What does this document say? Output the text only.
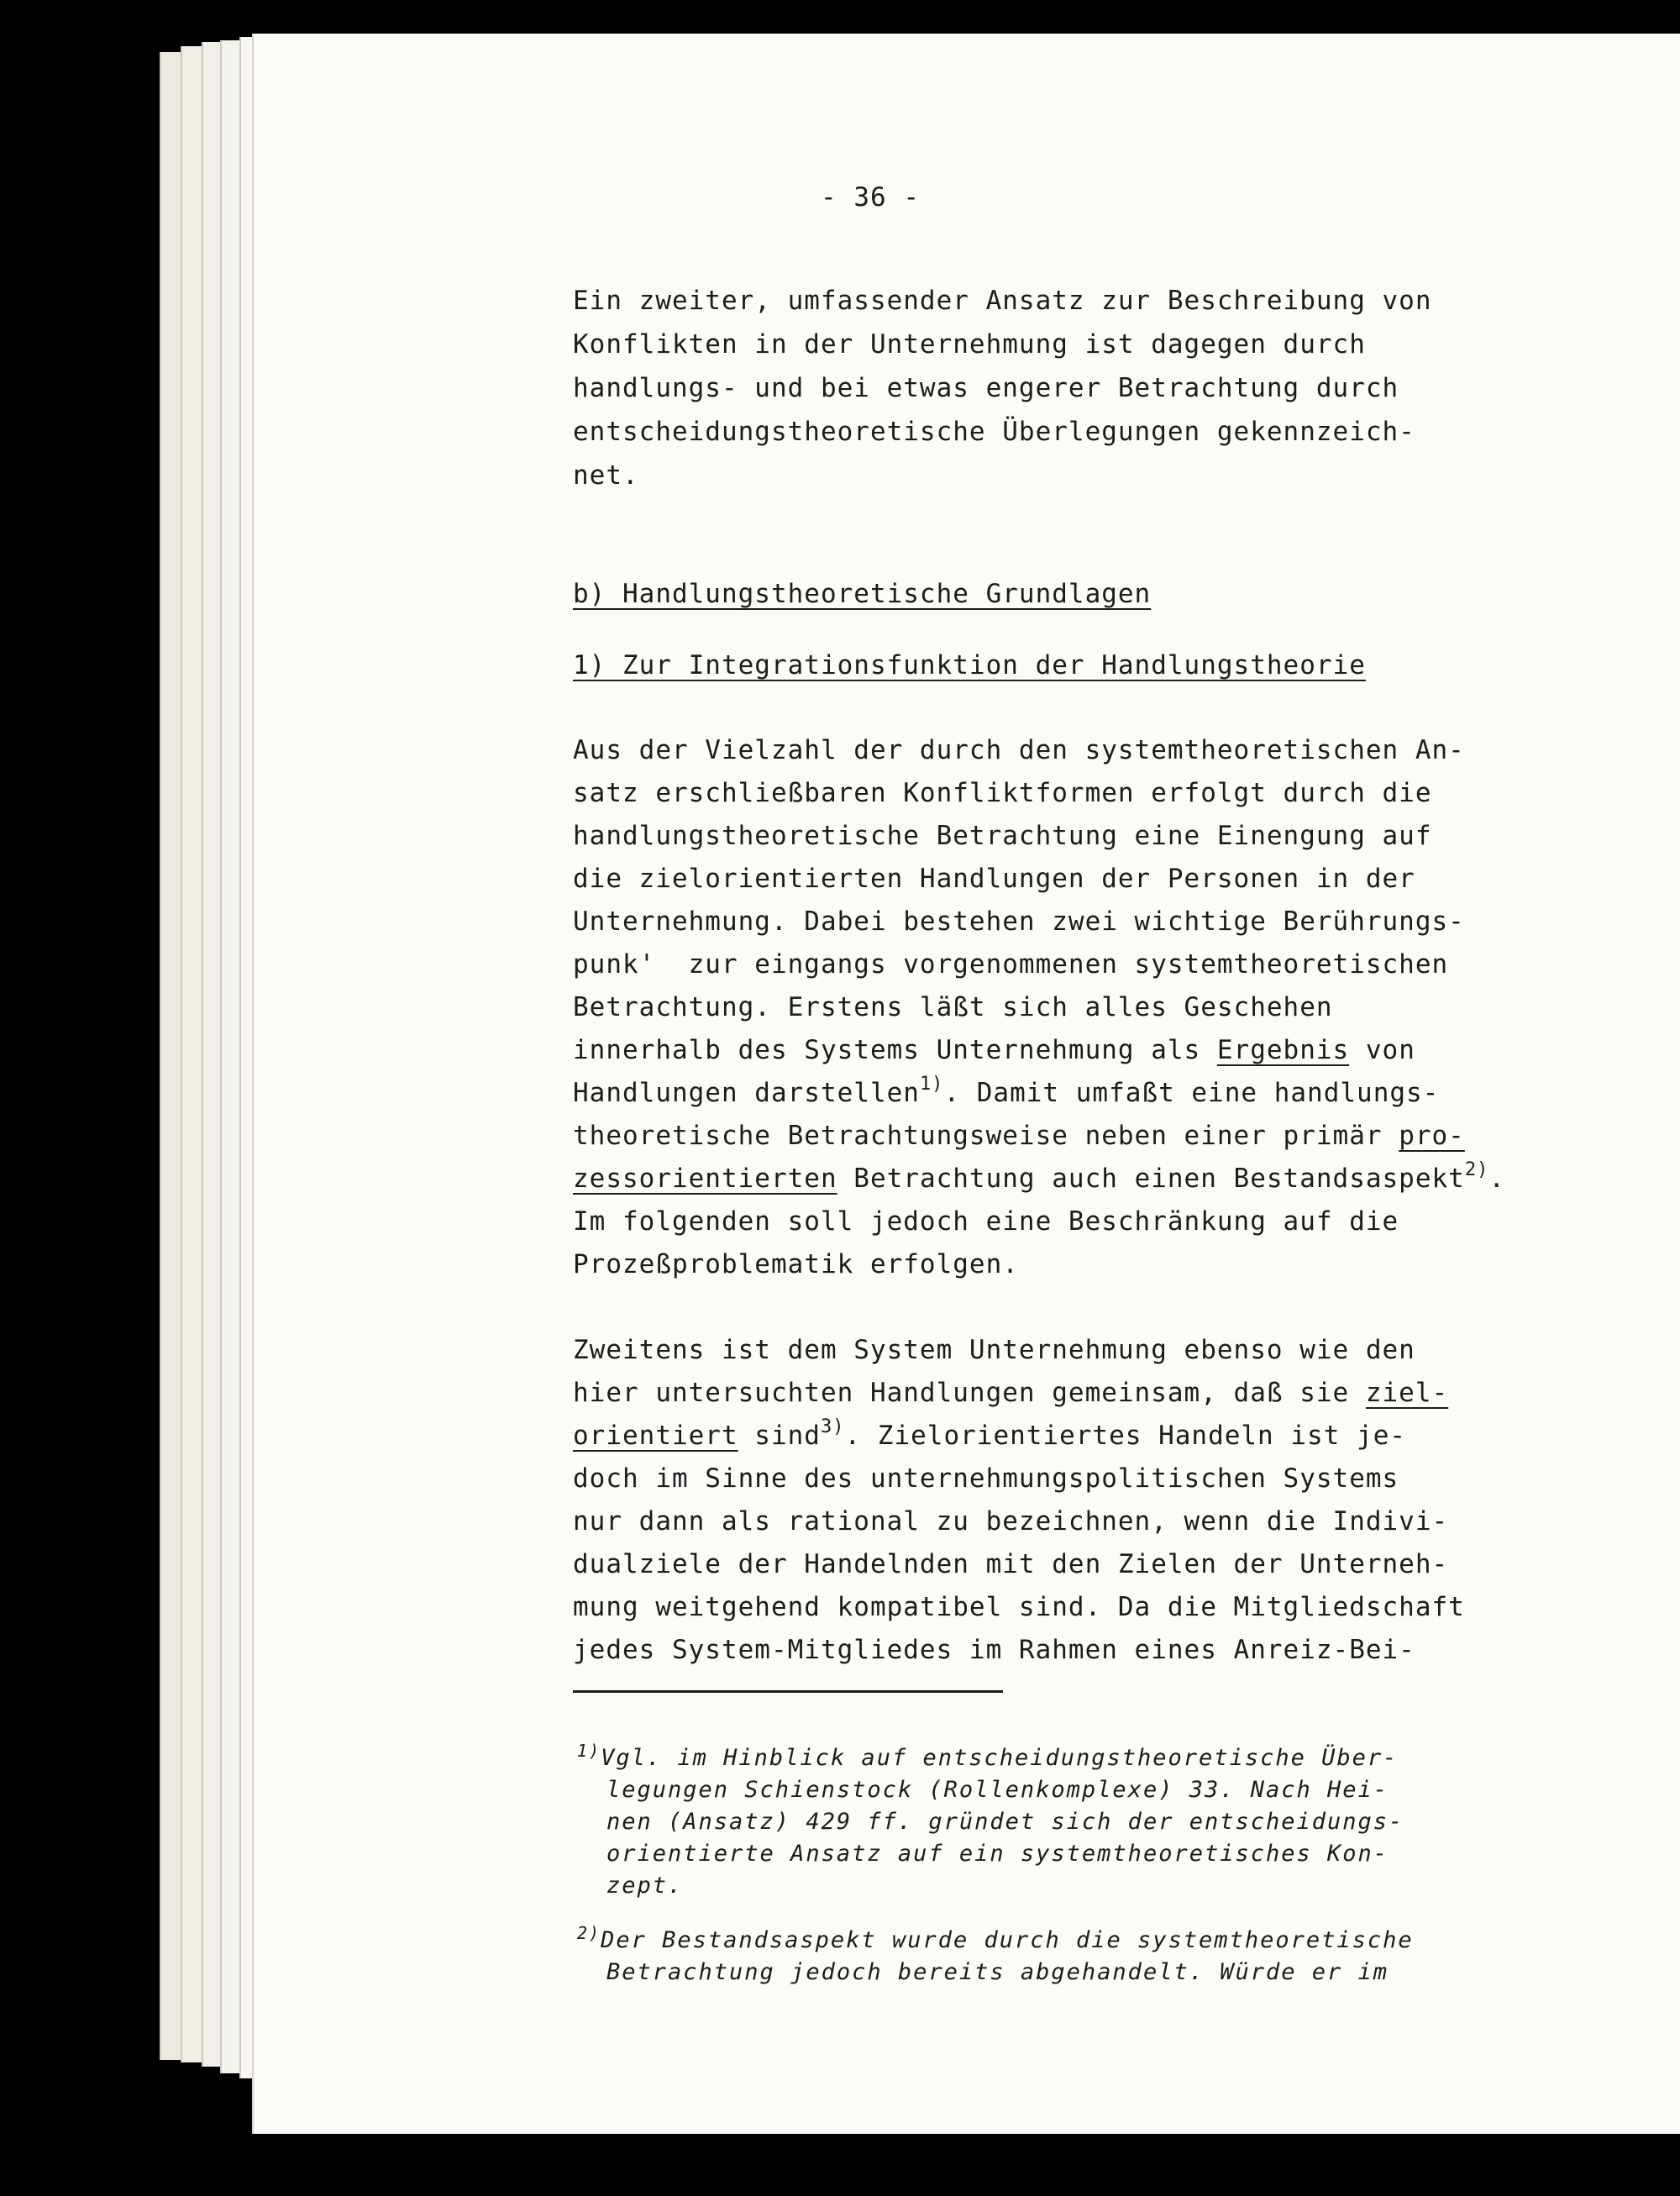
- 36 -

Ein zweiter, umfassender Ansatz zur Beschreibung von

Konflikten in der Unternehmung ist dagegen durch

handlungs- und bei etwas engerer Betrachtung durch

entscheidungstheoretische Überlegungen gekennzeich-

net.

b) Handlungstheoretische Grundlagen

1) Zur Integrationsfunktion der Handlungstheorie

Aus der Vielzahl der durch den systemtheoretischen An-

satz erschließbaren Konfliktformen erfolgt durch die

handlungstheoretische Betrachtung eine Einengung auf

die zielorientierten Handlungen der Personen in der

Unternehmung. Dabei bestehen zwei wichtige Berührungs-

punk'  zur eingangs vorgenommenen systemtheoretischen

Betrachtung. Erstens läßt sich alles Geschehen

innerhalb des Systems Unternehmung als Ergebnis von

Handlungen darstellen$^{1)}$. Damit umfaßt eine handlungs-

theoretische Betrachtungsweise neben einer primär pro-

zessorientierten Betrachtung auch einen Bestandsaspekt$^{2)}$.

Im folgenden soll jedoch eine Beschränkung auf die

Prozeßproblematik erfolgen.

Zweitens ist dem System Unternehmung ebenso wie den

hier untersuchten Handlungen gemeinsam, daß sie ziel-

orientiert sind$^{3)}$. Zielorientiertes Handeln ist je-

doch im Sinne des unternehmungspolitischen Systems

nur dann als rational zu bezeichnen, wenn die Indivi-

dualziele der Handelnden mit den Zielen der Unterneh-

mung weitgehend kompatibel sind. Da die Mitgliedschaft

jedes System-Mitgliedes im Rahmen eines Anreiz-Bei-

$^{1)}$Vgl. im Hinblick auf entscheidungstheoretische Über-

legungen Schienstock (Rollenkomplexe) 33. Nach Hei-

nen (Ansatz) 429 ff. gründet sich der entscheidungs-

orientierte Ansatz auf ein systemtheoretisches Kon-

zept.

$^{2)}$Der Bestandsaspekt wurde durch die systemtheoretische

Betrachtung jedoch bereits abgehandelt. Würde er im
